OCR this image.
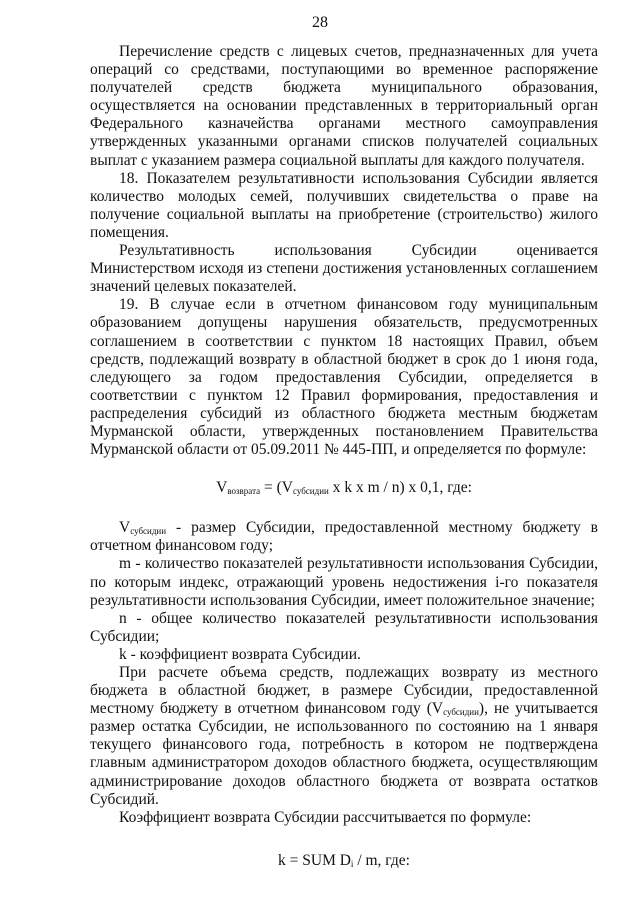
28

Перечисление средств с лицевых счетов, предназначенных для учета операций со средствами, поступающими во временное распоряжение получателей средств бюджета муниципального образования, осуществляется на основании представленных в территориальный орган Федерального казначейства органами местного самоуправления утвержденных указанными органами списков получателей социальных выплат с указанием размера социальной выплаты для каждого получателя.

18. Показателем результативности использования Субсидии является количество молодых семей, получивших свидетельства о праве на получение социальной выплаты на приобретение (строительство) жилого помещения.

Результативность использования Субсидии оценивается Министерством исходя из степени достижения установленных соглашением значений целевых показателей.

19. В случае если в отчетном финансовом году муниципальным образованием допущены нарушения обязательств, предусмотренных соглашением в соответствии с пунктом 18 настоящих Правил, объем средств, подлежащий возврату в областной бюджет в срок до 1 июня года, следующего за годом предоставления Субсидии, определяется в соответствии с пунктом 12 Правил формирования, предоставления и распределения субсидий из областного бюджета местным бюджетам Мурманской области, утвержденных постановлением Правительства Мурманской области от 05.09.2011 № 445-ПП, и определяется по формуле:

$V_{возврата} = (V_{субсидии}$ x k x m / n) x 0,1, где:

$V_{субсидии}$ - размер Субсидии, предоставленной местному бюджету в отчетном финансовом году;

m - количество показателей результативности использования Субсидии, по которым индекс, отражающий уровень недостижения i-го показателя результативности использования Субсидии, имеет положительное значение;

n - общее количество показателей результативности использования Субсидии;

k - коэффициент возврата Субсидии.

При расчете объема средств, подлежащих возврату из местного бюджета в областной бюджет, в размере Субсидии, предоставленной местному бюджету в отчетном финансовом году $(V_{субсидии})$, не учитывается размер остатка Субсидии, не использованного по состоянию на 1 января текущего финансового года, потребность в котором не подтверждена главным администратором доходов областного бюджета, осуществляющим администрирование доходов областного бюджета от возврата остатков Субсидий.

Коэффициент возврата Субсидии рассчитывается по формуле:

k = SUM $D_i$ / m, где:
